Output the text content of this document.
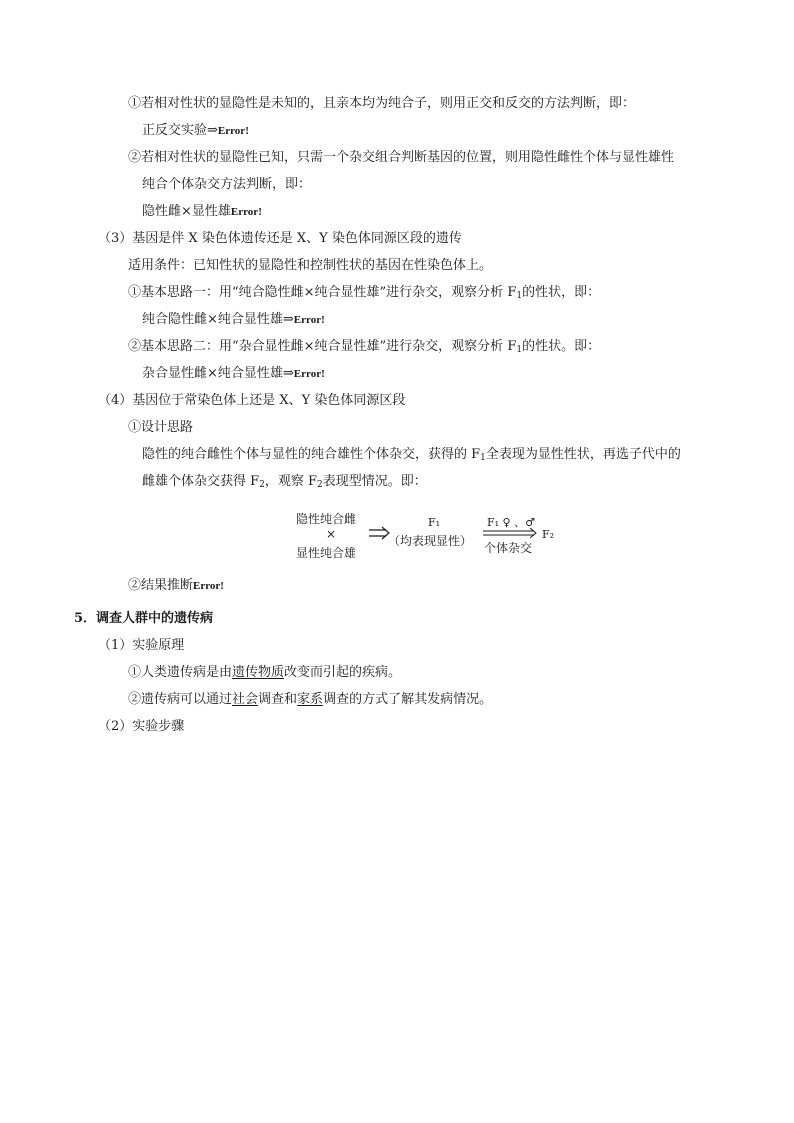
①若相对性状的显隐性是未知的，且亲本均为纯合子，则用正交和反交的方法判断，即：
正反交实验⇒Error!
②若相对性状的显隐性已知，只需一个杂交组合判断基因的位置，则用隐性雌性个体与显性雄性
纯合个体杂交方法判断，即：
隐性雌×显性雄Error!
（3）基因是伴 X 染色体遗传还是 X、Y 染色体同源区段的遗传
适用条件：已知性状的显隐性和控制性状的基因在性染色体上。
①基本思路一：用“纯合隐性雌×纯合显性雄”进行杂交，观察分析 $F_1$的性状，即：
纯合隐性雌×纯合显性雄⇒Error!
②基本思路二：用“杂合显性雌×纯合显性雄”进行杂交，观察分析 $F_1$的性状。即：
杂合显性雌×纯合显性雄⇒Error!
（4）基因位于常染色体上还是 X、Y 染色体同源区段
①设计思路
隐性的纯合雌性个体与显性的纯合雄性个体杂交，获得的 $F_1$全表现为显性性状，再选子代中的
雌雄个体杂交获得 $F_2$，观察 $F_2$表现型情况。即：
隐性纯合雌
×
显性纯合雄
F₁
（均表现显性）
F₁ ♀ 、♂
个体杂交
F₂
②结果推断Error!
5．调查人群中的遗传病
（1）实验原理
①人类遗传病是由遗传物质改变而引起的疾病。
②遗传病可以通过社会调查和家系调查的方式了解其发病情况。
（2）实验步骤
